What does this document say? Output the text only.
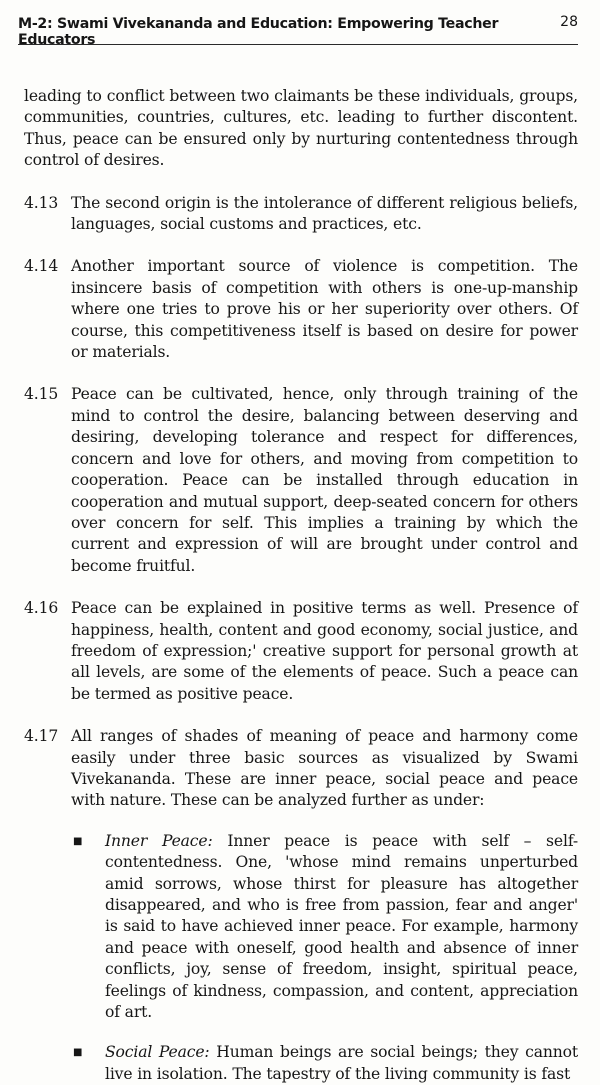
M-2: Swami Vivekananda and Education: Empowering Teacher Educators
28

leading to conflict between two claimants be these individuals, groups, communities, countries, cultures, etc. leading to further discontent. Thus, peace can be ensured only by nurturing contentedness through control of desires.

4.13 The second origin is the intolerance of different religious beliefs, languages, social customs and practices, etc.
4.14 Another important source of violence is competition. The insincere basis of competition with others is one-up-manship where one tries to prove his or her superiority over others. Of course, this competitiveness itself is based on desire for power or materials.
4.15 Peace can be cultivated, hence, only through training of the mind to control the desire, balancing between deserving and desiring, developing tolerance and respect for differences, concern and love for others, and moving from competition to cooperation. Peace can be installed through education in cooperation and mutual support, deep-seated concern for others over concern for self. This implies a training by which the current and expression of will are brought under control and become fruitful.
4.16 Peace can be explained in positive terms as well. Presence of happiness, health, content and good economy, social justice, and freedom of expression;' creative support for personal growth at all levels, are some of the elements of peace. Such a peace can be termed as positive peace.
4.17 All ranges of shades of meaning of peace and harmony come easily under three basic sources as visualized by Swami Vivekananda. These are inner peace, social peace and peace with nature. These can be analyzed further as under:
■	Inner Peace: Inner peace is peace with self – self-contentedness. One, 'whose mind remains unperturbed amid sorrows, whose thirst for pleasure has altogether disappeared, and who is free from passion, fear and anger' is said to have achieved inner peace. For example, harmony and peace with oneself, good health and absence of inner conflicts, joy, sense of freedom, insight, spiritual peace, feelings of kindness, compassion, and content, appreciation of art.
■	Social Peace: Human beings are social beings; they cannot live in isolation. The tapestry of the living community is fast
